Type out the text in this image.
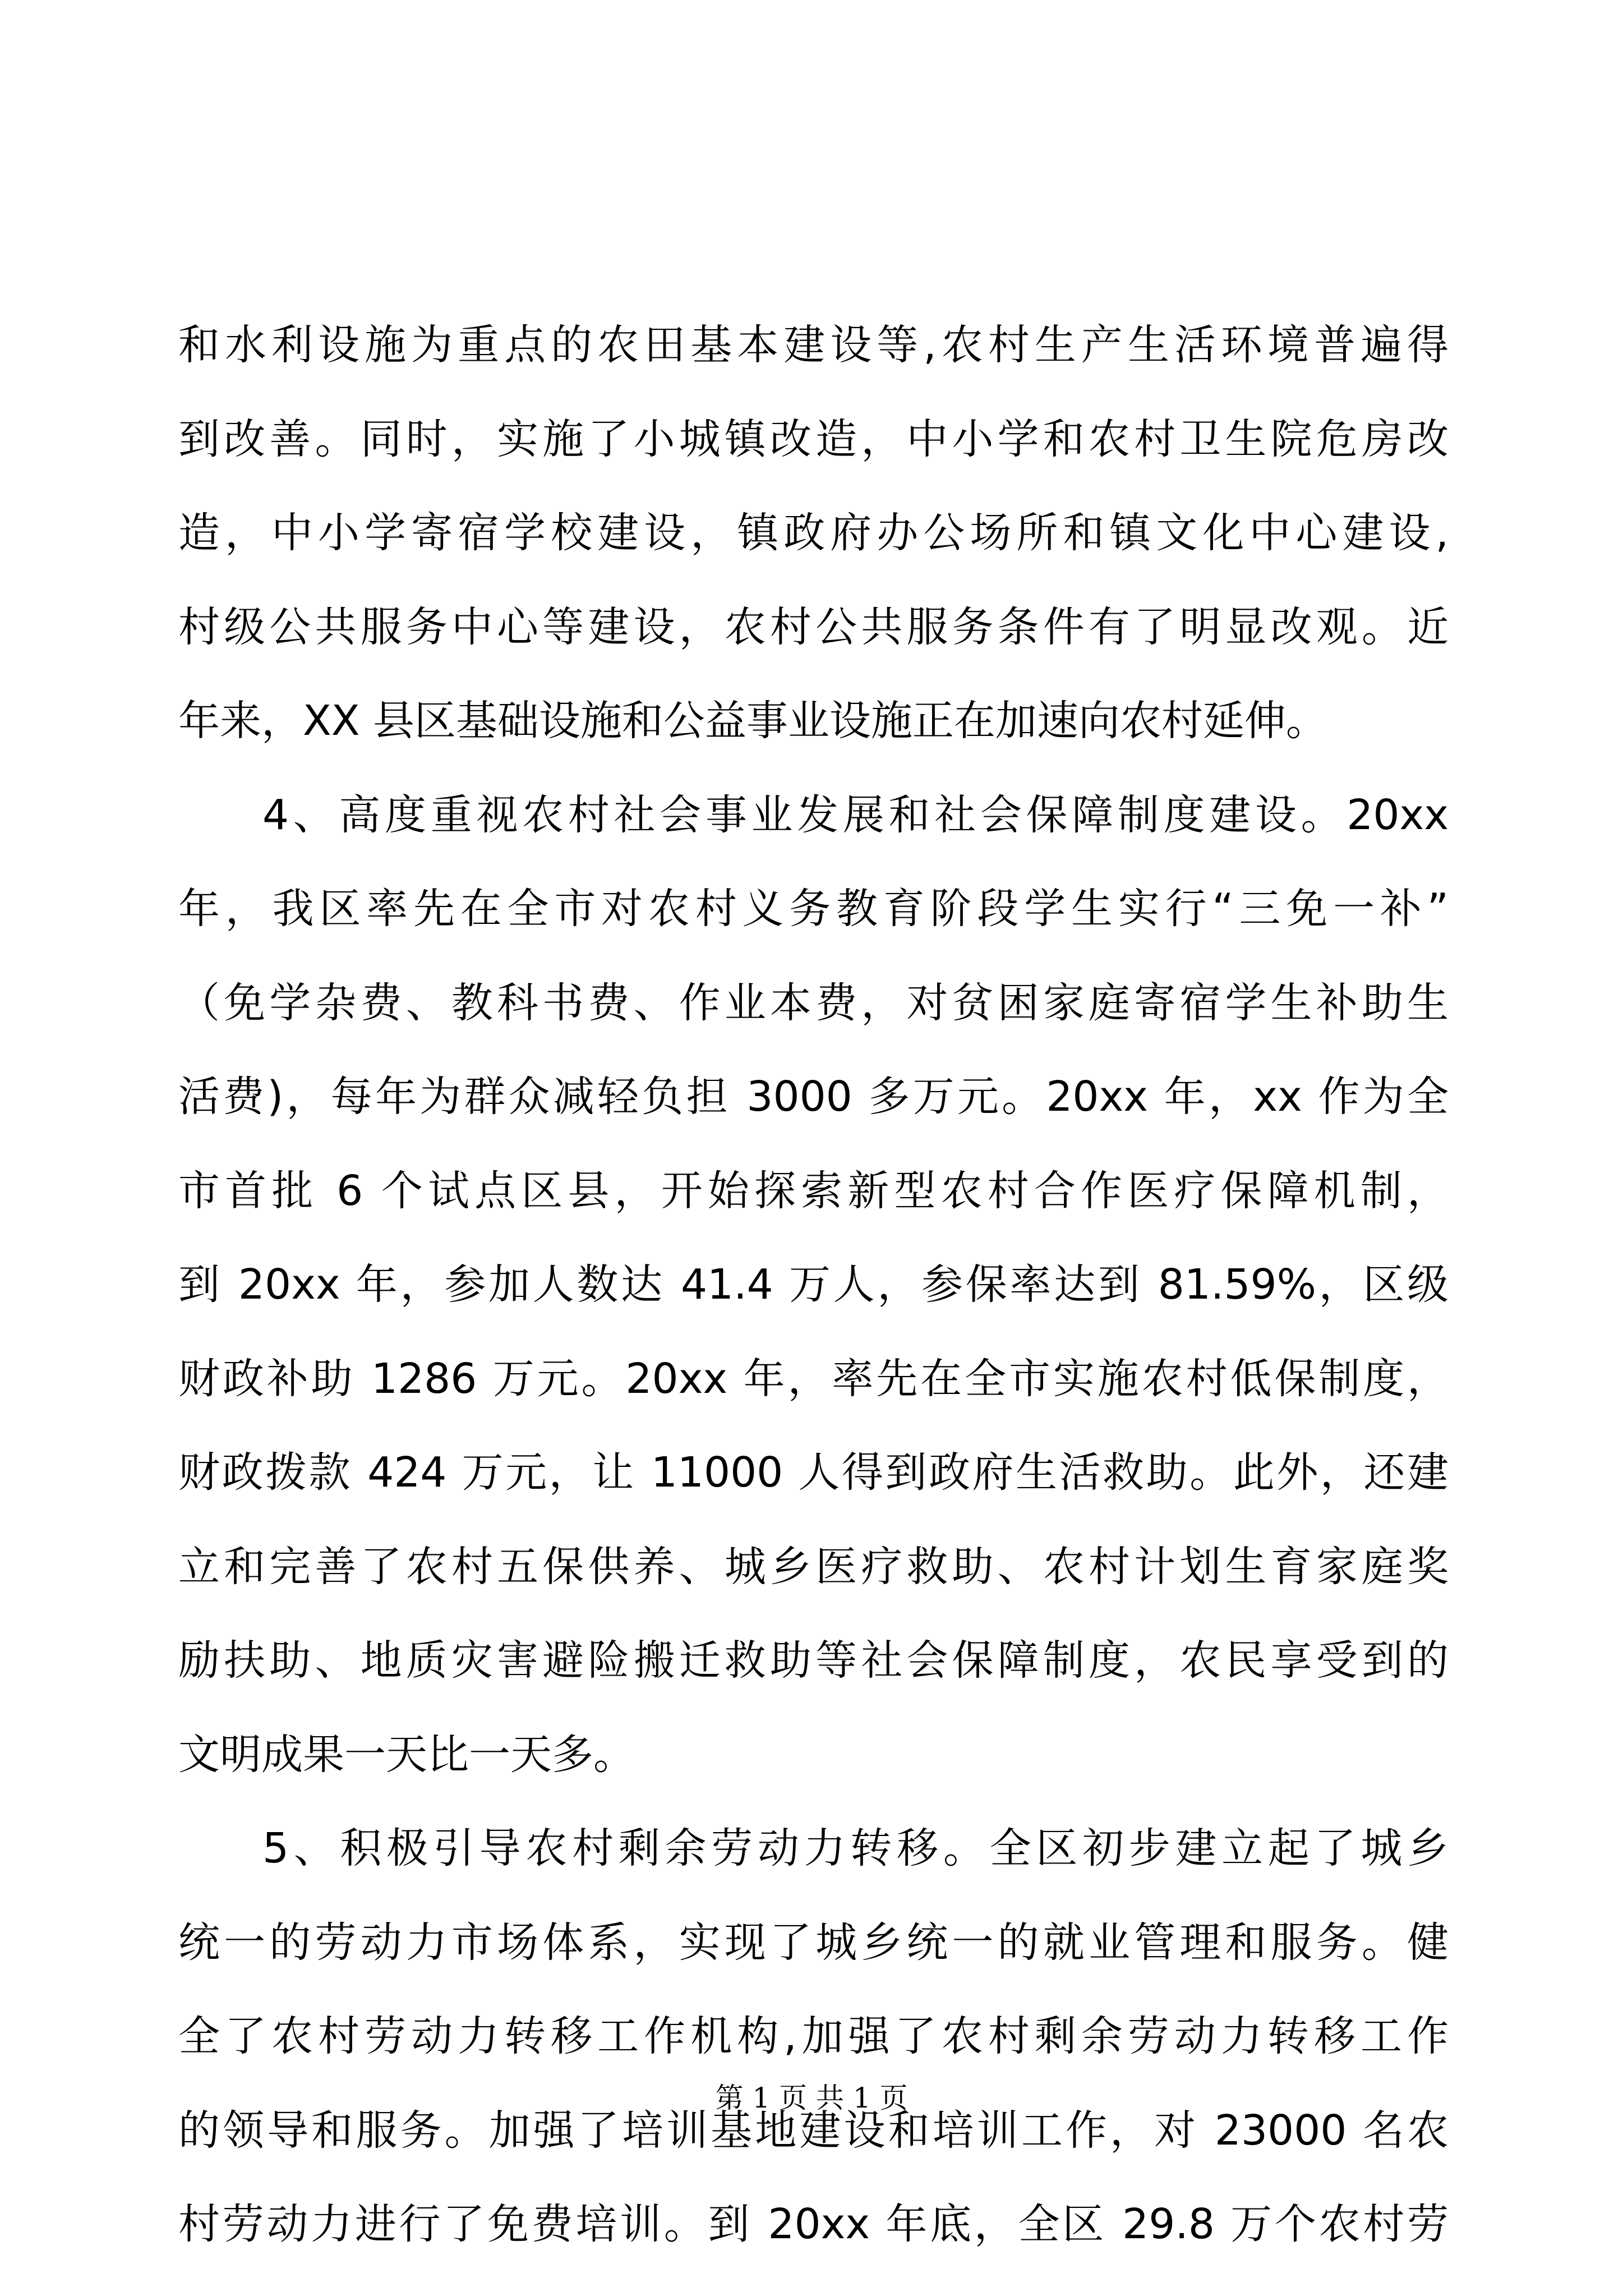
和水利设施为重点的农田基本建设等,农村生产生活环境普遍得
到改善。同时，实施了小城镇改造，中小学和农村卫生院危房改
造，中小学寄宿学校建设，镇政府办公场所和镇文化中心建设,
村级公共服务中心等建设，农村公共服务条件有了明显改观。近
年来，XX 县区基础设施和公益事业设施正在加速向农村延伸。
4、高度重视农村社会事业发展和社会保障制度建设。20xx
年，我区率先在全市对农村义务教育阶段学生实行“三免一补”
（免学杂费、教科书费、作业本费，对贫困家庭寄宿学生补助生
活费)，每年为群众减轻负担 3000 多万元。20xx 年，xx 作为全
市首批 6 个试点区县，开始探索新型农村合作医疗保障机制，
到 20xx 年，参加人数达 41.4 万人，参保率达到 81.59%，区级
财政补助 1286 万元。20xx 年，率先在全市实施农村低保制度，
财政拨款 424 万元，让 11000 人得到政府生活救助。此外，还建
立和完善了农村五保供养、城乡医疗救助、农村计划生育家庭奖
励扶助、地质灾害避险搬迁救助等社会保障制度，农民享受到的
文明成果一天比一天多。
5、积极引导农村剩余劳动力转移。全区初步建立起了城乡
统一的劳动力市场体系，实现了城乡统一的就业管理和服务。健
全了农村劳动力转移工作机构,加强了农村剩余劳动力转移工作
的领导和服务。加强了培训基地建设和培训工作，对 23000 名农
村劳动力进行了免费培训。到 20xx 年底，全区 29.8 万个农村劳
第 1 页 共 1 页
